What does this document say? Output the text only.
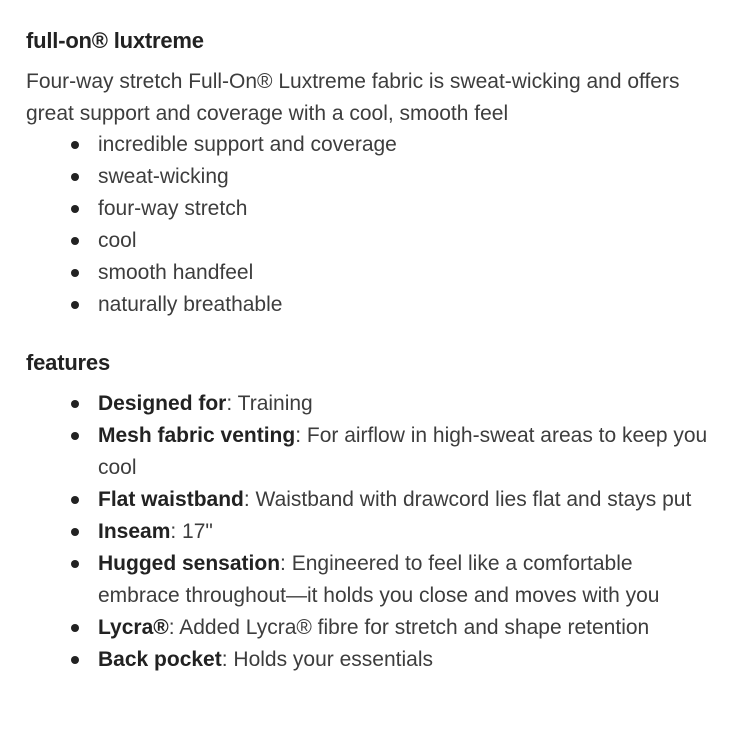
full-on® luxtreme

Four-way stretch Full-On® Luxtreme fabric is sweat-wicking and offers great support and coverage with a cool, smooth feel

incredible support and coverage
sweat-wicking
four-way stretch
cool
smooth handfeel
naturally breathable
features
Designed for: Training
Mesh fabric venting: For airflow in high-sweat areas to keep you cool
Flat waistband: Waistband with drawcord lies flat and stays put
Inseam: 17"
Hugged sensation: Engineered to feel like a comfortable embrace throughout—it holds you close and moves with you
Lycra®: Added Lycra® fibre for stretch and shape retention
Back pocket: Holds your essentials
